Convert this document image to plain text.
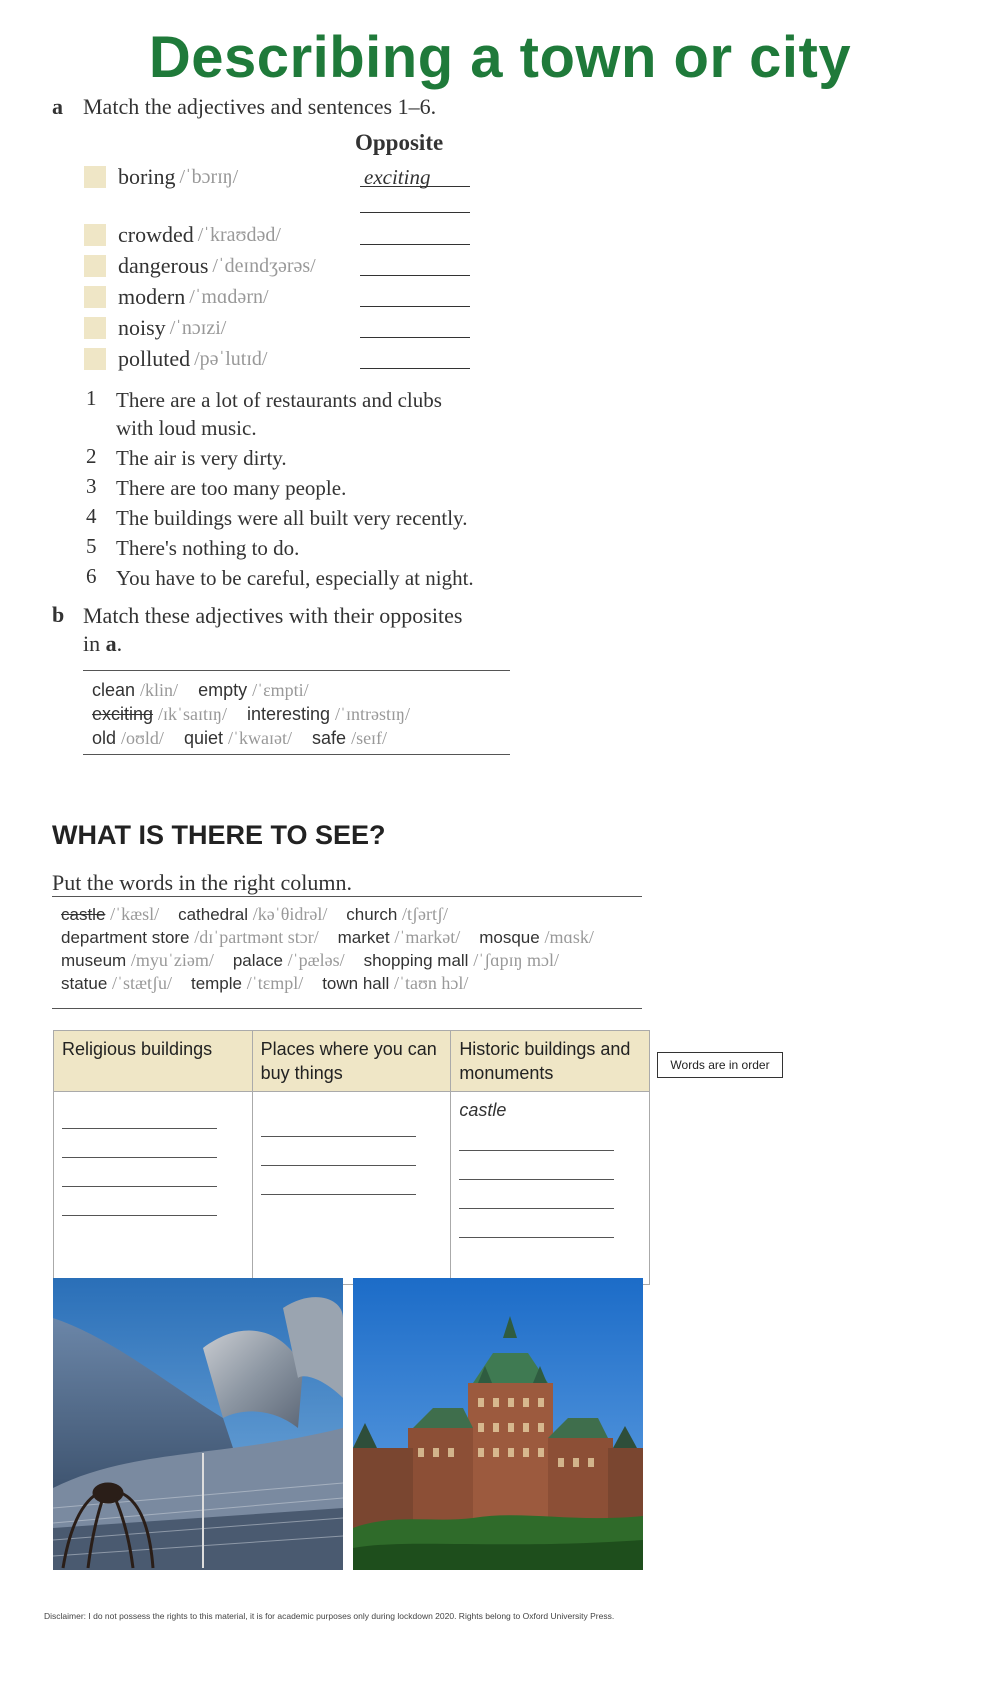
Describing a town or city
a Match the adjectives and sentences 1–6.
Opposite
boring /ˈbɔrɪŋ/	exciting
crowded /ˈkraʊdəd/
dangerous /ˈdeɪndʒərəs/
modern /ˈmɑdərn/
noisy /ˈnɔɪzi/
polluted /pəˈlutɪd/
1 There are a lot of restaurants and clubs
with loud music.
2 The air is very dirty.
3 There are too many people.
4 The buildings were all built very recently.
5 There's nothing to do.
6 You have to be careful, especially at night.
b Match these adjectives with their opposites
in a.
clean /klin/ empty /ˈɛmpti/
exciting /ɪkˈsaɪtɪŋ/ interesting /ˈɪntrəstɪŋ/
old /oʊld/ quiet /ˈkwaɪət/ safe /seɪf/
WHAT IS THERE TO SEE?
Put the words in the right column.
castle /ˈkæsl/ cathedral /kəˈθidrəl/ church /tʃərtʃ/
department store /dɪˈpartmənt stɔr/ market /ˈmarkət/ mosque /mɑsk/
museum /myuˈziəm/ palace /ˈpæləs/ shopping mall /ˈʃɑpɪŋ mɔl/
statue /ˈstætʃu/ temple /ˈtɛmpl/ town hall /ˈtaʊn hɔl/
Religious buildings	Places where you can buy things	Historic buildings and monuments

		castle
Words are in order
Disclaimer: I do not possess the rights to this material, it is for academic purposes only during lockdown 2020. Rights belong to Oxford University Press.
